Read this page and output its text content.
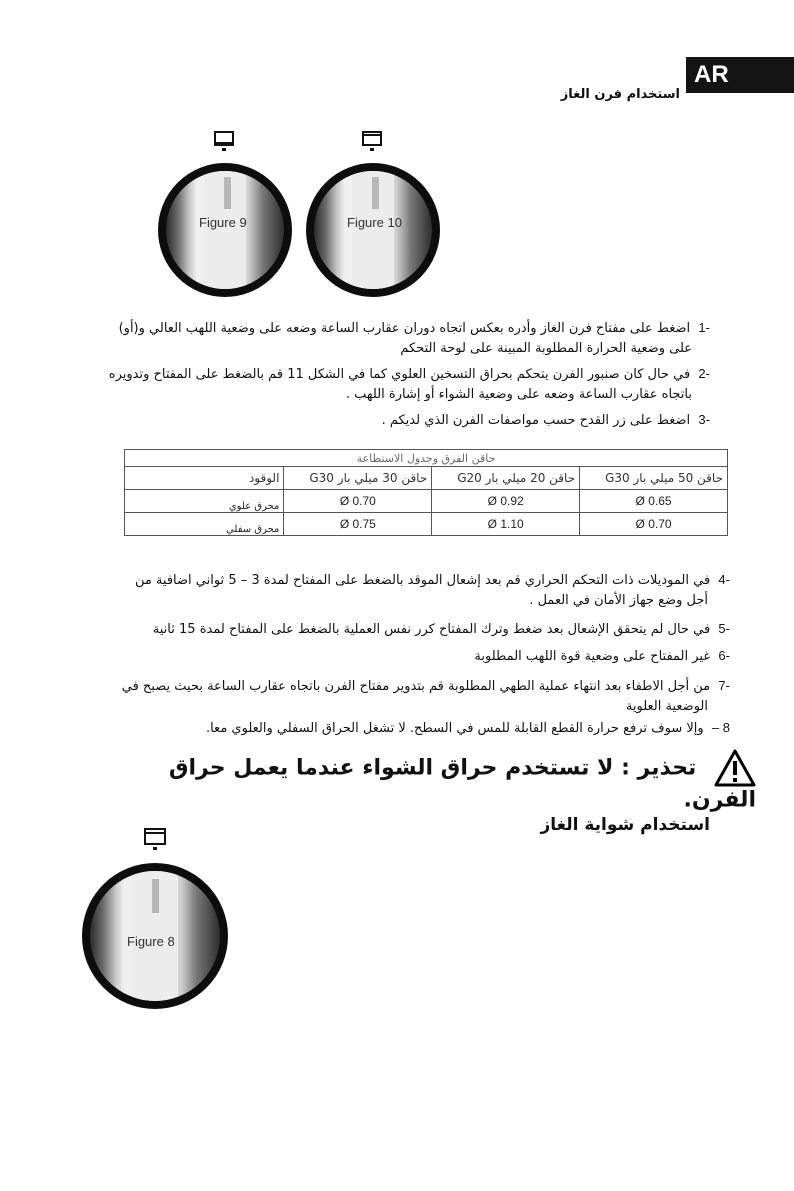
AR
استخدام فرن الغاز
Figure 9	Figure 10
-1  اضغط على مفتاح فرن الغاز وأدره بعكس اتجاه دوران عقارب الساعة وضعه على وضعية اللهب العالي و(أو)
على وضعية الحرارة المطلوبة المبينة على لوحة التحكم
-2  في حال كان صنبور الفرن يتحكم بحراق التسخين العلوي كما في الشكل 11 قم بالضغط على المفتاح وتدويره
باتجاه عقارب الساعة وضعه على وضعية الشواء أو إشارة اللهب .
-3  اضغط على زر القدح حسب مواصفات الفرن الذي لديكم .
حاقن الفرق وجدول الاستطاعة			
الوقود	حاقن 30 ميلي بار G30	حاقن 20 ميلي بار G20	حاقن 50 ميلي بار G30
محرق علوي	Ø 0.70	Ø 0.92	Ø 0.65
محرق سفلي	Ø 0.75	Ø 1.10	Ø 0.70
-4  في الموديلات ذات التحكم الحراري قم بعد إشعال الموقد بالضغط على المفتاح لمدة 3 – 5 ثواني اضافية من
أجل وضع جهاز الأمان في العمل .
-5  في حال لم يتحقق الإشعال بعد ضغط وترك المفتاح كرر نفس العملية بالضغط على المفتاح لمدة 15 ثانية
-6  غير المفتاح على وضعية قوة اللهب المطلوبة
-7  من أجل الاطفاء بعد انتهاء عملية الطهي المطلوبة قم بتدوير مفتاح الفرن باتجاه عقارب الساعة بحيث يصبح في
الوضعية العلوية
8 –  وإلا سوف ترفع حرارة القطع القابلة للمس في السطح. لا تشغل الحراق السفلي والعلوي معا.
تحذير : لا تستخدم حراق الشواء عندما يعمل حراق الفرن.
استخدام شواية الغاز
Figure 8
